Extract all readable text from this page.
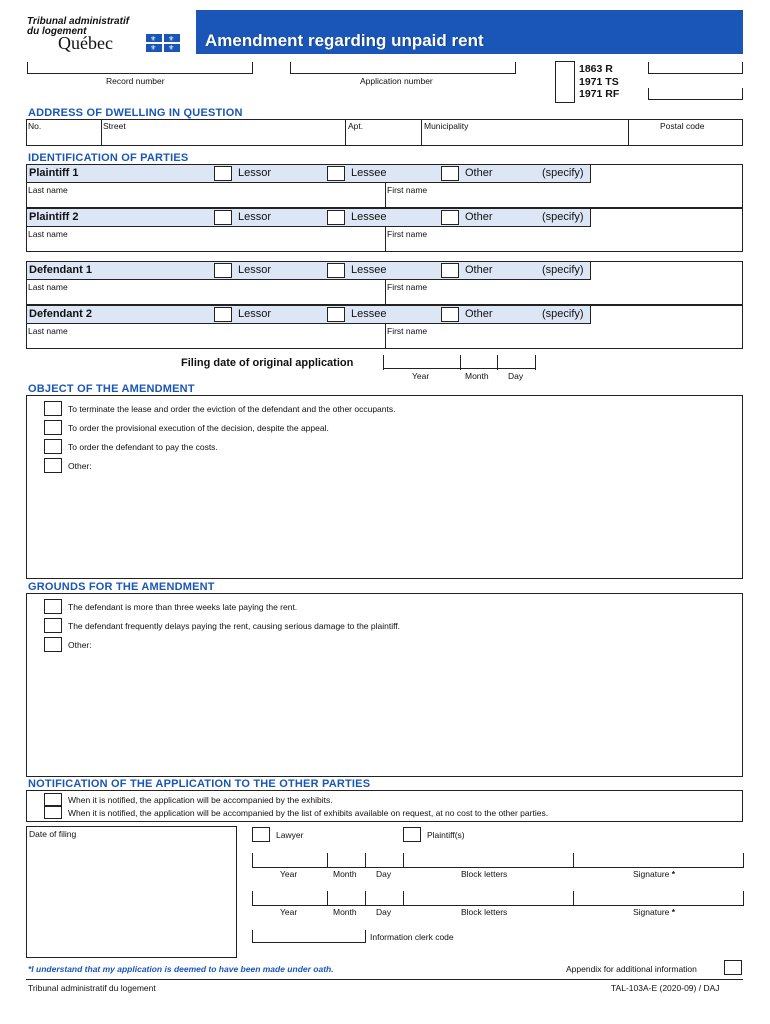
Tribunal administratif
du logement
Québec	⚜ ⚜
⚜ ⚜ Amendment regarding unpaid rent
Record number	Application number
1863 R
1971 TS
1971 RF
ADDRESS OF DWELLING IN QUESTION
No.	Street	Apt.	Municipality	Postal code
IDENTIFICATION OF PARTIES
Plaintiff 1	Lessor	Lessee	Other	(specify)
Last name	First name
Plaintiff 2	Lessor	Lessee	Other	(specify)
Last name	First name
Defendant 1	Lessor	Lessee	Other	(specify)
Last name	First name
Defendant 2	Lessor	Lessee	Other	(specify)
Last name	First name
Filing date of original application
Year	Month Day
OBJECT OF THE AMENDMENT
To terminate the lease and order the eviction of the defendant and the other occupants.
To order the provisional execution of the decision, despite the appeal.
To order the defendant to pay the costs.
Other:
GROUNDS FOR THE AMENDMENT
The defendant is more than three weeks late paying the rent.
The defendant frequently delays paying the rent, causing serious damage to the plaintiff.
Other:
NOTIFICATION OF THE APPLICATION TO THE OTHER PARTIES
When it is notified, the application will be accompanied by the exhibits.
When it is notified, the application will be accompanied by the list of exhibits available on request, at no cost to the other parties.
Date of filing	Lawyer	Plaintiff(s)
Year	Month Day	Block letters	Signature *
Year	Month Day	Block letters	Signature *
Information clerk code
*I understand that my application is deemed to have been made under oath.	Appendix for additional information
Tribunal administratif du logement	TAL-103A-E (2020-09) / DAJ
